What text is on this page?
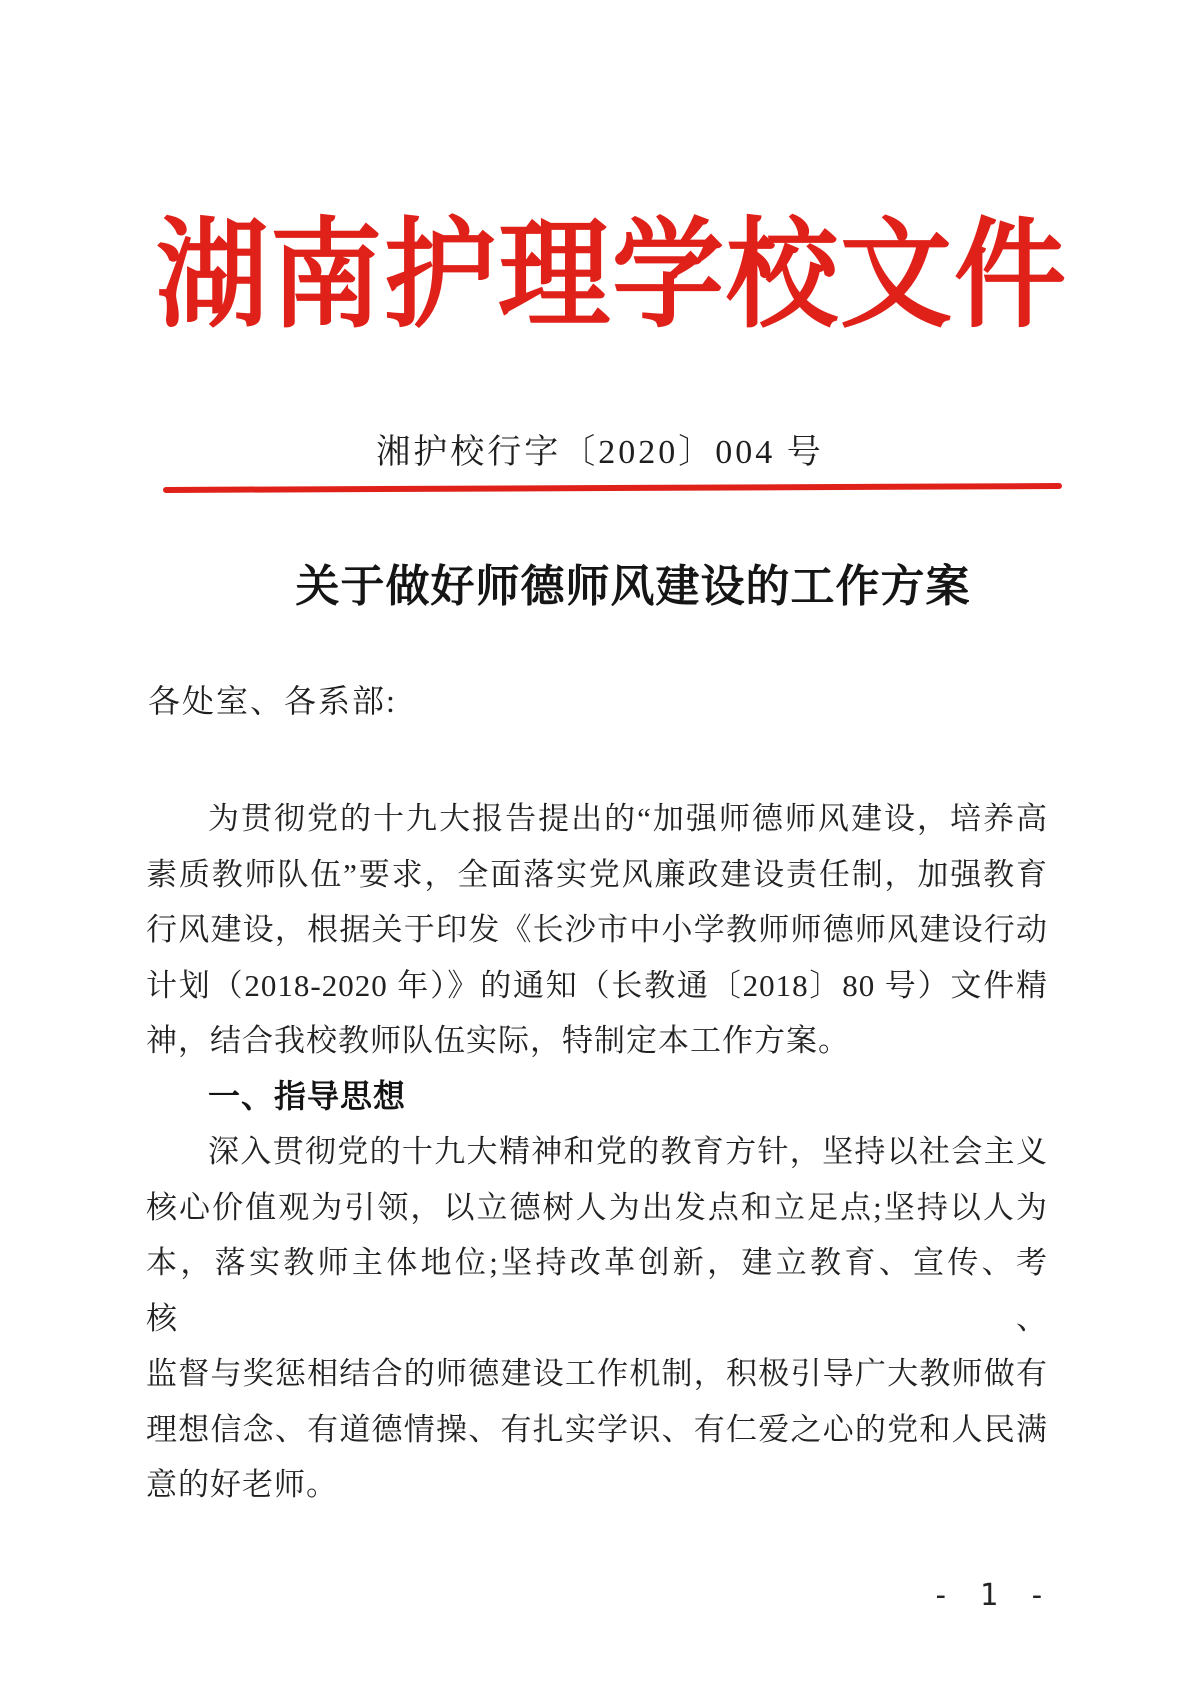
湖南护理学校文件
湘护校行字〔2020〕004 号
关于做好师德师风建设的工作方案
各处室、各系部:
为贯彻党的十九大报告提出的“加强师德师风建设，培养高
素质教师队伍”要求，全面落实党风廉政建设责任制，加强教育
行风建设，根据关于印发《长沙市中小学教师师德师风建设行动
计划（2018-2020 年）》的通知（长教通〔2018〕80 号）文件精
神，结合我校教师队伍实际，特制定本工作方案。
一、指导思想
深入贯彻党的十九大精神和党的教育方针，坚持以社会主义
核心价值观为引领，以立德树人为出发点和立足点;坚持以人为
本，落实教师主体地位;坚持改革创新，建立教育、宣传、考核、
监督与奖惩相结合的师德建设工作机制，积极引导广大教师做有
理想信念、有道德情操、有扎实学识、有仁爱之心的党和人民满
意的好老师。
- 1 -
